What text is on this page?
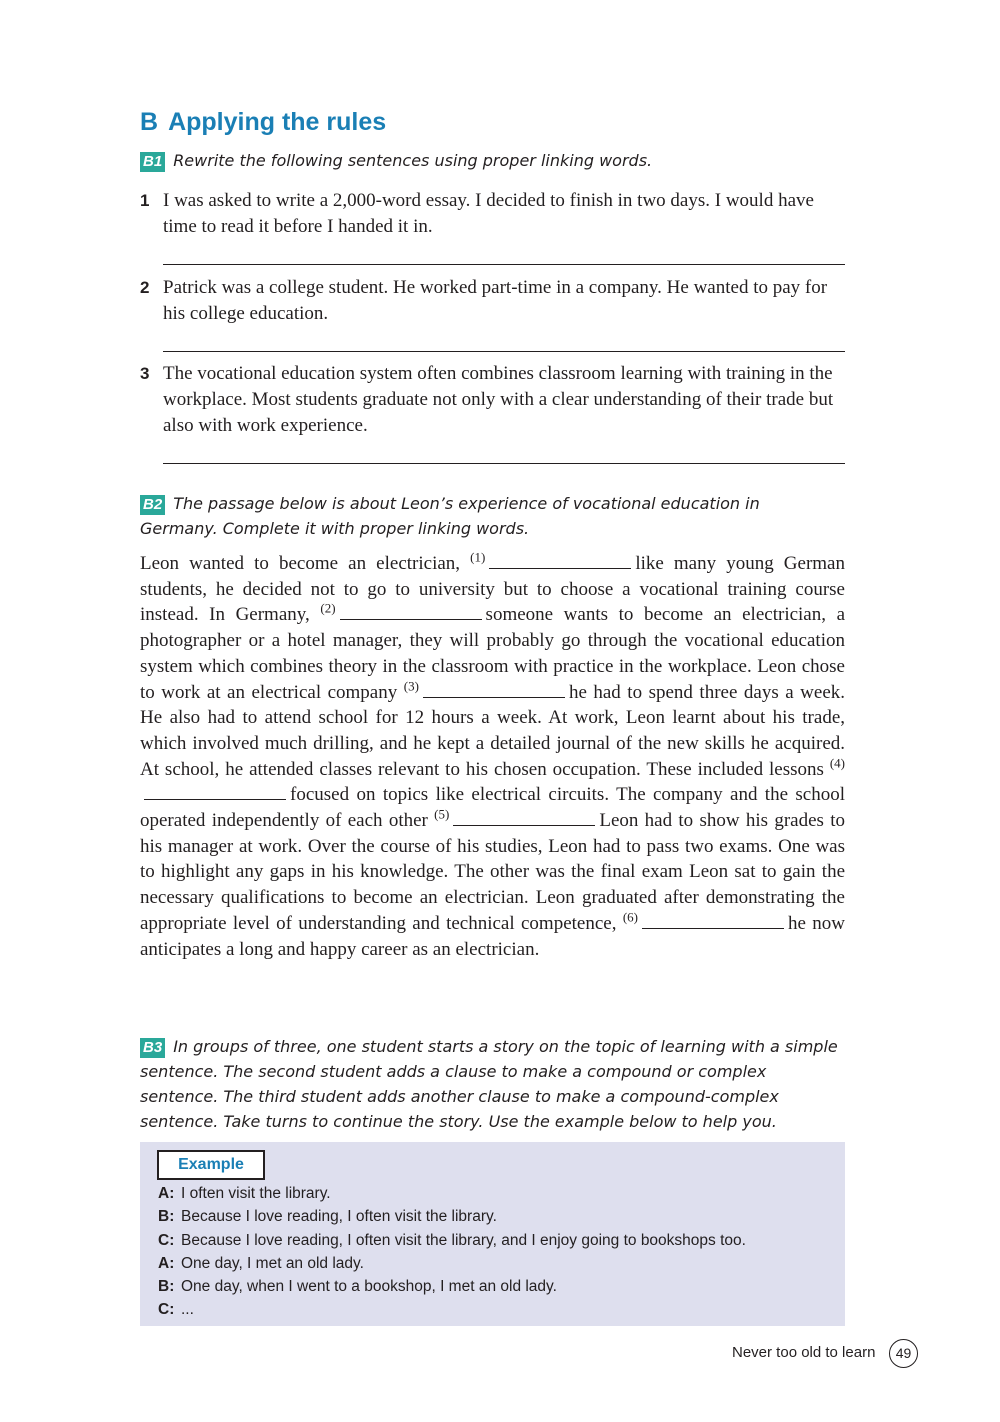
B Applying the rules
B1 Rewrite the following sentences using proper linking words.
1 I was asked to write a 2,000-word essay. I decided to finish in two days. I would have time to read it before I handed it in.
2 Patrick was a college student. He worked part-time in a company. He wanted to pay for his college education.
3 The vocational education system often combines classroom learning with training in the workplace. Most students graduate not only with a clear understanding of their trade but also with work experience.
B2 The passage below is about Leon’s experience of vocational education in Germany. Complete it with proper linking words.
Leon wanted to become an electrician, $^{(1)}$	like many young German students, he decided not to go to university but to choose a vocational training course instead. In Germany, $^{(2)}$	someone wants to become an electrician, a photographer or a hotel manager, they will probably go through the vocational education system which combines theory in the classroom with practice in the workplace. Leon chose to work at an electrical company $^{(3)}$	he had to spend three days a week. He also had to attend school for 12 hours a week. At work, Leon learnt about his trade, which involved much drilling, and he kept a detailed journal of the new skills he acquired. At school, he attended classes relevant to his chosen occupation. These included lessons $^{(4)}$focused on topics like electrical circuits. The company and the school operated independently of each other $^{(5)}$	Leon had to show his grades to his manager at work. Over the course of his studies, Leon had to pass two exams. One was to highlight any gaps in his knowledge. The other was the final exam Leon sat to gain the necessary qualifications to become an electrician. Leon graduated after demonstrating the appropriate level of understanding and technical competence, $^{(6)}$	he now anticipates a long and happy career as an electrician.
B3 In groups of three, one student starts a story on the topic of learning with a simple sentence. The second student adds a clause to make a compound or complex sentence. The third student adds another clause to make a compound-complex sentence. Take turns to continue the story. Use the example below to help you.
Example
A: I often visit the library.
B: Because I love reading, I often visit the library.
C: Because I love reading, I often visit the library, and I enjoy going to bookshops too.
A: One day, I met an old lady.
B: One day, when I went to a bookshop, I met an old lady.
C: ...
Never too old to learn	49
